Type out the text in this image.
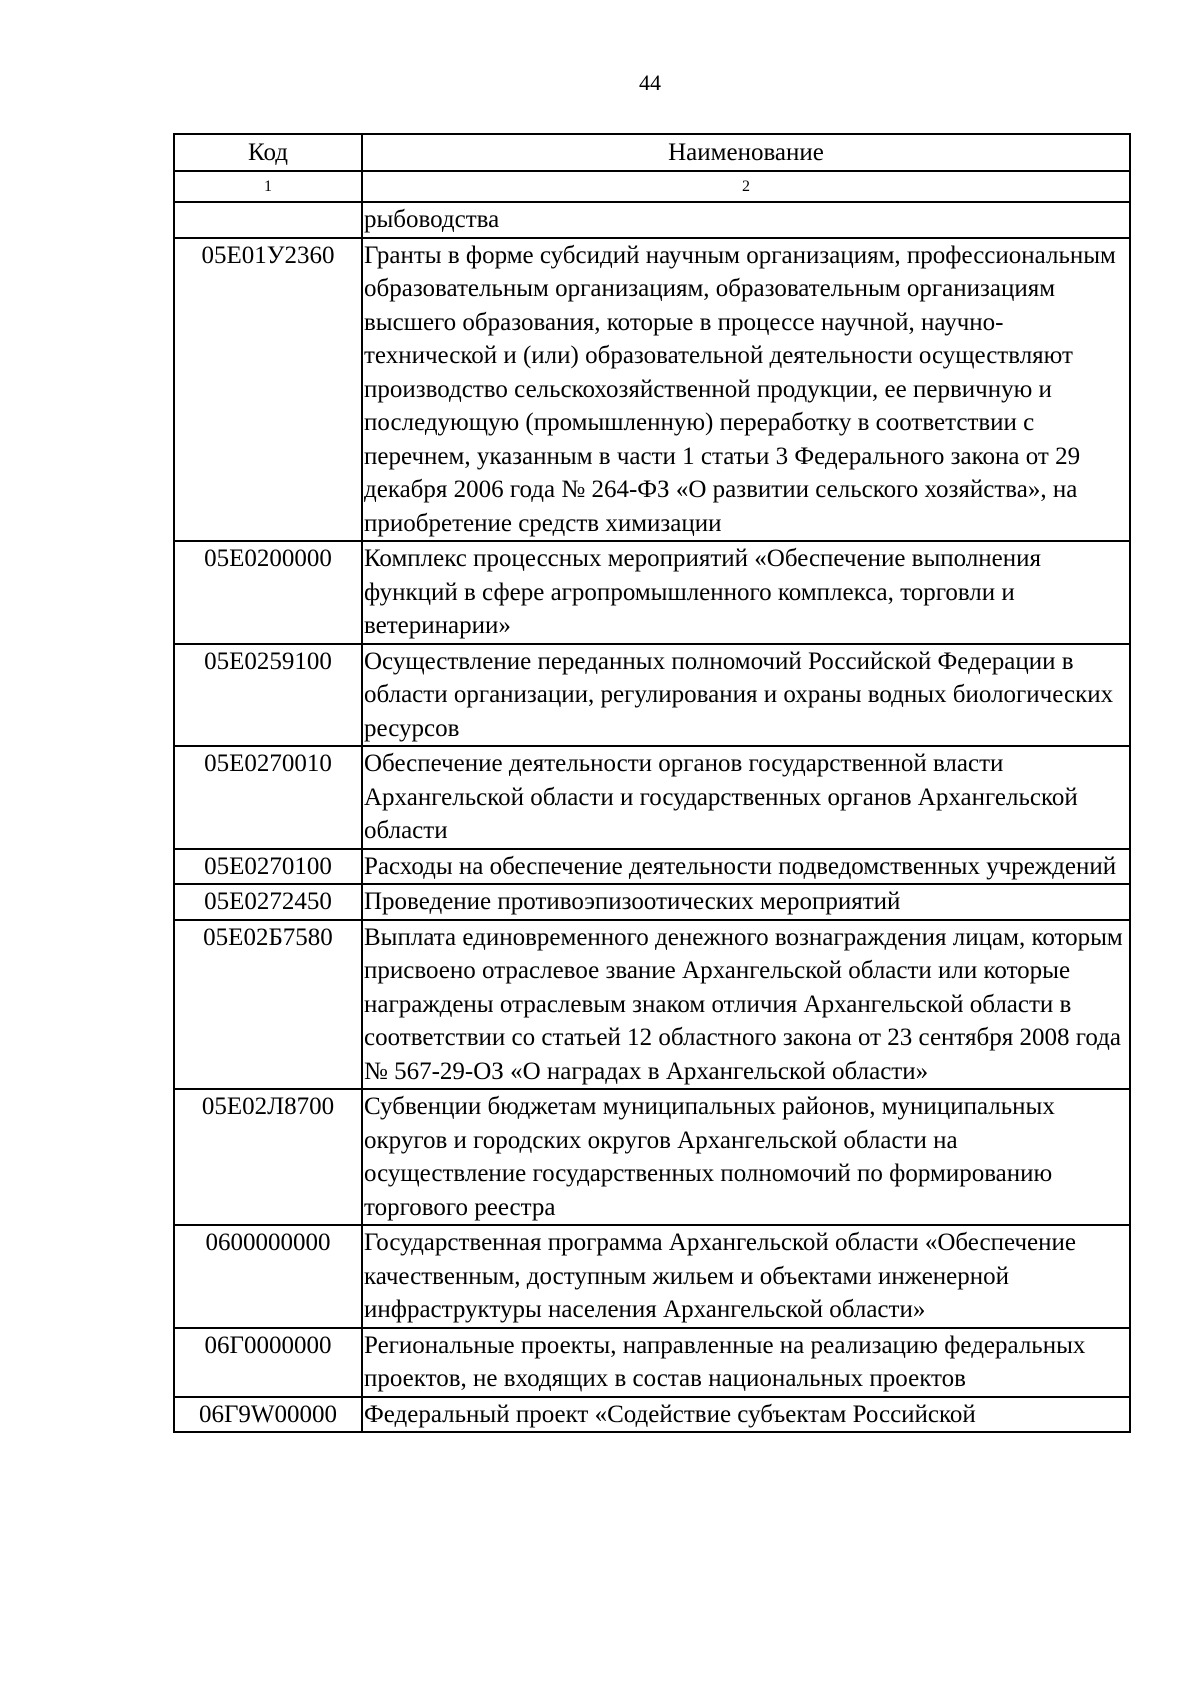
44
Код	Наименование
1	2
	рыбоводства
05Е01У2360	Гранты в форме субсидий научным организациям, профессиональным образовательным организациям, образовательным организациям высшего образования, которые в процессе научной, научно-технической и (или) образовательной деятельности осуществляют производство сельскохозяйственной продукции, ее первичную и последующую (промышленную) переработку в соответствии с перечнем, указанным в части 1 статьи 3 Федерального закона от 29 декабря 2006 года № 264-ФЗ «О развитии сельского хозяйства», на приобретение средств химизации
05Е0200000	Комплекс процессных мероприятий «Обеспечение выполнения функций в сфере агропромышленного комплекса, торговли и ветеринарии»
05Е0259100	Осуществление переданных полномочий Российской Федерации в области организации, регулирования и охраны водных биологических ресурсов
05Е0270010	Обеспечение деятельности органов государственной власти Архангельской области и государственных органов Архангельской области
05Е0270100	Расходы на обеспечение деятельности подведомственных учреждений
05Е0272450	Проведение противоэпизоотических мероприятий
05Е02Б7580	Выплата единовременного денежного вознаграждения лицам, которым присвоено отраслевое звание Архангельской области или которые награждены отраслевым знаком отличия Архангельской области в соответствии со статьей 12 областного закона от 23 сентября 2008 года № 567-29-ОЗ «О наградах в Архангельской области»
05Е02Л8700	Субвенции бюджетам муниципальных районов, муниципальных округов и городских округов Архангельской области на осуществление государственных полномочий по формированию торгового реестра
0600000000	Государственная программа Архангельской области «Обеспечение качественным, доступным жильем и объектами инженерной инфраструктуры населения Архангельской области»
06Г0000000	Региональные проекты, направленные на реализацию федеральных проектов, не входящих в состав национальных проектов
06Г9W00000	Федеральный проект «Содействие субъектам Российской
